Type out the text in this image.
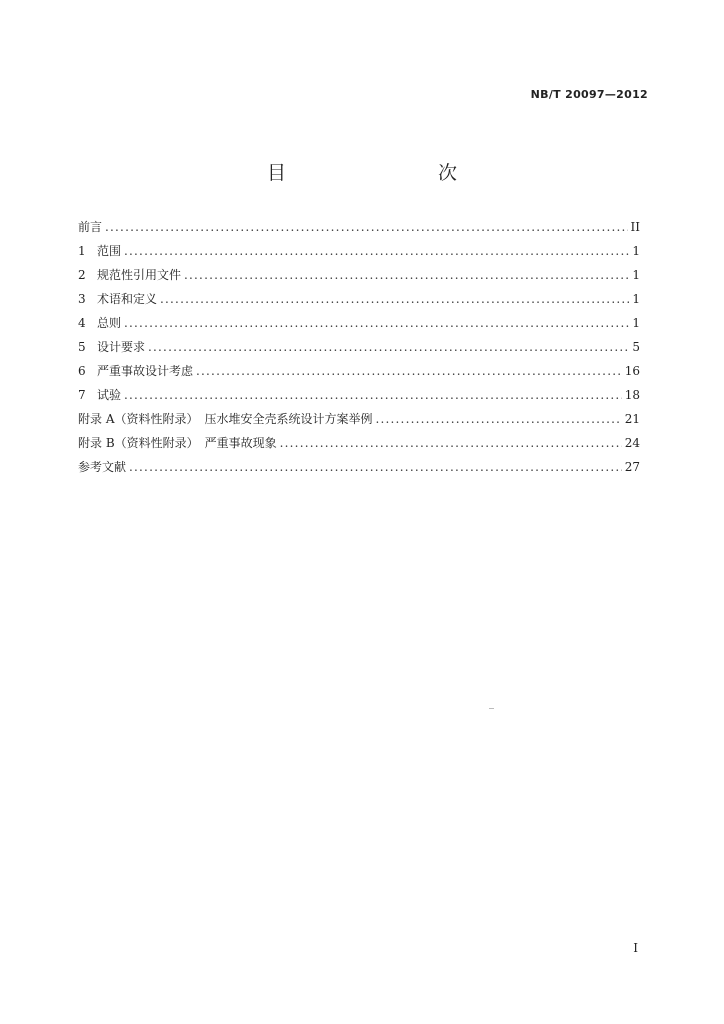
NB/T 20097—2012
目　　次
前言 .....	II
1 范围 .....	1
2 规范性引用文件 .....	1
3 术语和定义 .....	1
4 总则 .....	1
5 设计要求 .....	5
6 严重事故设计考虑 .....	16
7 试验 .....	18
附录 A（资料性附录）　压水堆安全壳系统设计方案举例 .....	21
附录 B（资料性附录）　严重事故现象 .....	24
参考文献 .....	27
I
